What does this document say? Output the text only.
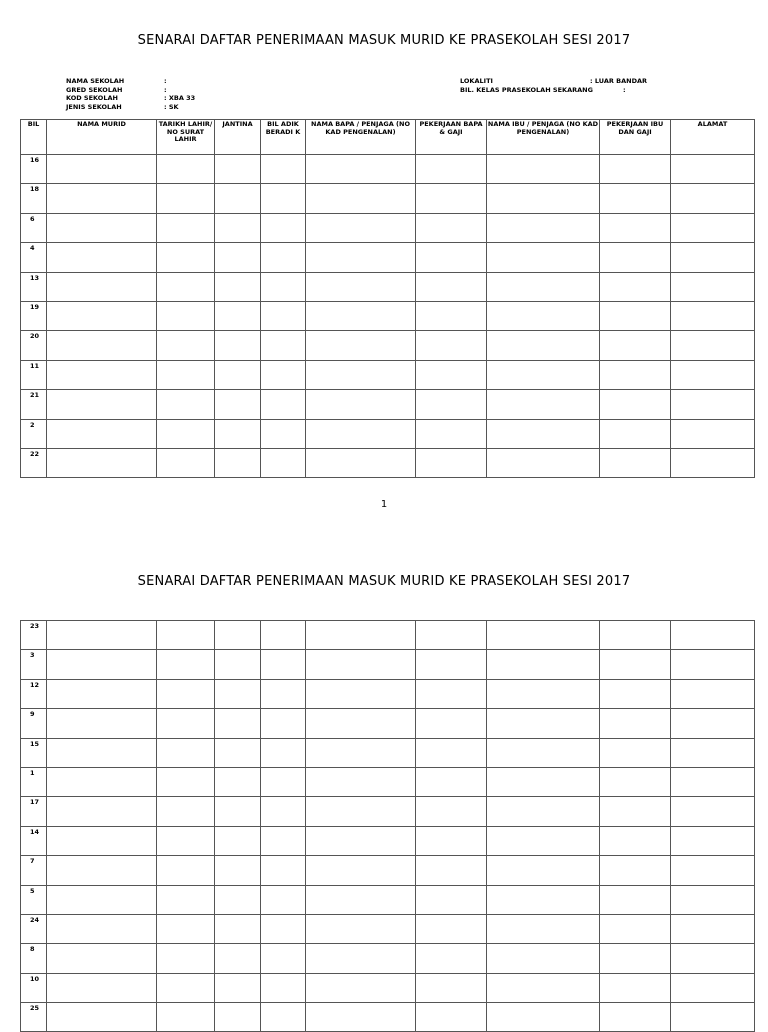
SENARAI DAFTAR PENERIMAAN MASUK MURID KE PRASEKOLAH SESI 2017
NAMA SEKOLAH	:
GRED SEKOLAH	:
KOD SEKOLAH	: XBA 33
JENIS SEKOLAH	: SK
LOKALITI	: LUAR BANDAR
BIL. KELAS PRASEKOLAH SEKARANG	:
BIL	NAMA MURID	TARIKH LAHIR/ NO SURAT LAHIR	JANTINA	BIL ADIK BERADI K	NAMA BAPA / PENJAGA (NO KAD PENGENALAN)	PEKERJAAN BAPA & GAJI	NAMA IBU / PENJAGA (NO KAD PENGENALAN)	PEKERJAAN IBU DAN GAJI	ALAMAT
16									
18									
6									
4									
13									
19									
20									
11									
21									
2									
22									
1
SENARAI DAFTAR PENERIMAAN MASUK MURID KE PRASEKOLAH SESI 2017
23									
3									
12									
9									
15									
1									
17									
14									
7									
5									
24									
8									
10									
25									
